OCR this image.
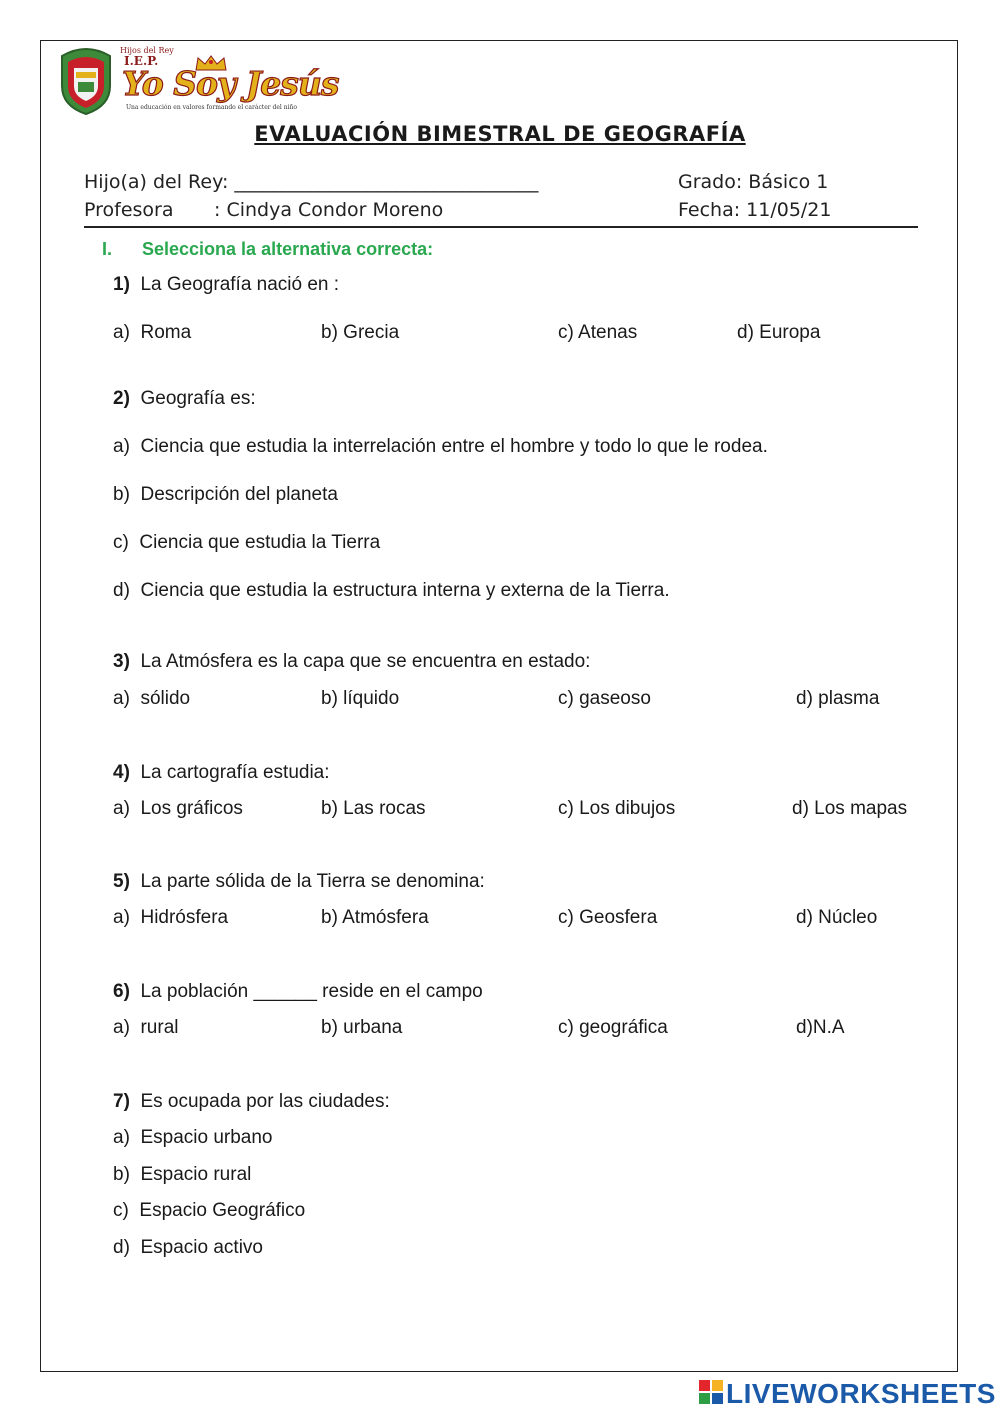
Hijos del Rey
I.E.P.
Yo Soy Jesús
Una educación en valores formando el carácter del niño
EVALUACIÓN BIMESTRAL DE GEOGRAFÍA
Hijo(a) del Rey: ________________________________	Grado: Básico 1
Profesora : Cindya Condor Moreno	Fecha: 11/05/21
I. Selecciona la alternativa correcta:
1) La Geografía nació en :
a) Roma	b) Grecia	c) Atenas	d) Europa
2) Geografía es:
a) Ciencia que estudia la interrelación entre el hombre y todo lo que le rodea.
b) Descripción del planeta
c) Ciencia que estudia la Tierra
d) Ciencia que estudia la estructura interna y externa de la Tierra.
3) La Atmósfera es la capa que se encuentra en estado:
a) sólido	b) líquido	c) gaseoso	d) plasma
4) La cartografía estudia:
a) Los gráficos	b) Las rocas	c) Los dibujos	d) Los mapas
5) La parte sólida de la Tierra se denomina:
a) Hidrósfera	b) Atmósfera	c) Geosfera	d) Núcleo
6) La población ______ reside en el campo
a) rural	b) urbana	c) geográfica	d)N.A
7) Es ocupada por las ciudades:
a) Espacio urbano
b) Espacio rural
c) Espacio Geográfico
d) Espacio activo
LIVEWORKSHEETS
